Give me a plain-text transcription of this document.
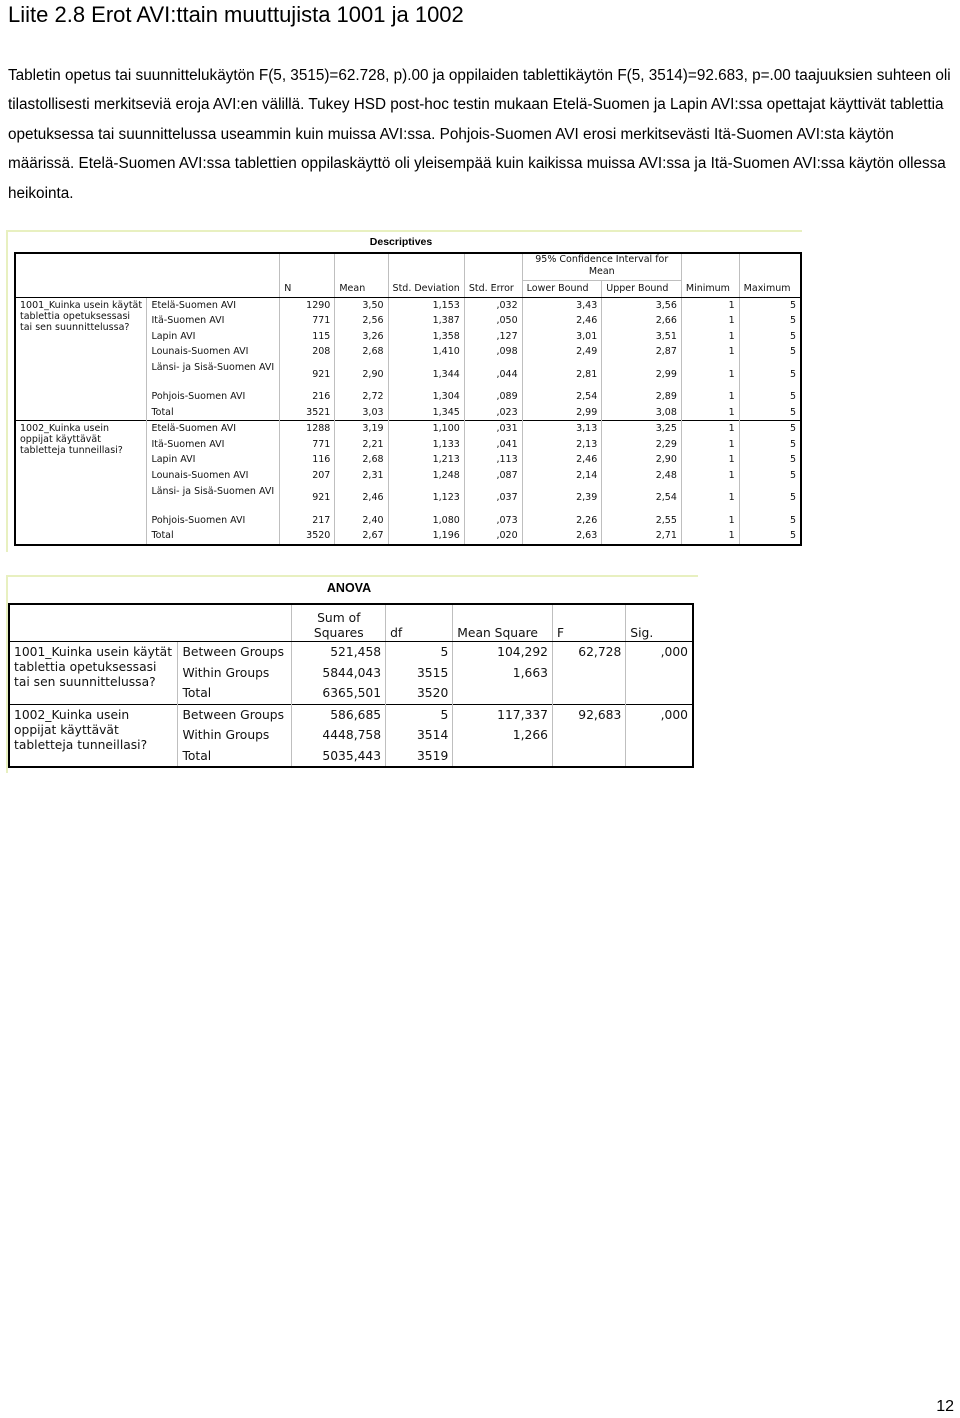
Liite 2.8 Erot AVI:ttain muuttujista 1001 ja 1002

Tabletin opetus tai suunnittelukäytön F(5, 3515)=62.728, p).00 ja oppilaiden tablettikäytön F(5, 3514)=92.683, p=.00 taajuuksien suhteen oli tilastollisesti merkitseviä eroja AVI:en välillä. Tukey HSD post-hoc testin mukaan Etelä-Suomen ja Lapin AVI:ssa opettajat käyttivät tablettia opetuksessa tai suunnittelussa useammin kuin muissa AVI:ssa. Pohjois-Suomen AVI erosi merkitsevästi Itä-Suomen AVI:sta käytön määrissä. Etelä-Suomen AVI:ssa tablettien oppilaskäyttö oli yleisempää kuin kaikissa muissa AVI:ssa ja Itä-Suomen AVI:ssa käytön ollessa heikointa.

Descriptives
						95% Confidence Interval for Mean			
		N	Mean	Std. Deviation	Std. Error	Lower Bound	Upper Bound	Minimum	Maximum
1001_Kuinka usein käytät tablettia opetuksessasi tai sen suunnittelussa?	Etelä-Suomen AVI	1290	3,50	1,153	,032	3,43	3,56	1	5
	Itä-Suomen AVI	771	2,56	1,387	,050	2,46	2,66	1	5
	Lapin AVI	115	3,26	1,358	,127	3,01	3,51	1	5
	Lounais-Suomen AVI	208	2,68	1,410	,098	2,49	2,87	1	5
	Länsi- ja Sisä-Suomen AVI	921	2,90	1,344	,044	2,81	2,99	1	5
	Pohjois-Suomen AVI	216	2,72	1,304	,089	2,54	2,89	1	5
	Total	3521	3,03	1,345	,023	2,99	3,08	1	5
1002_Kuinka usein oppijat käyttävät tabletteja tunneillasi?	Etelä-Suomen AVI	1288	3,19	1,100	,031	3,13	3,25	1	5
	Itä-Suomen AVI	771	2,21	1,133	,041	2,13	2,29	1	5
	Lapin AVI	116	2,68	1,213	,113	2,46	2,90	1	5
	Lounais-Suomen AVI	207	2,31	1,248	,087	2,14	2,48	1	5
	Länsi- ja Sisä-Suomen AVI	921	2,46	1,123	,037	2,39	2,54	1	5
	Pohjois-Suomen AVI	217	2,40	1,080	,073	2,26	2,55	1	5
	Total	3520	2,67	1,196	,020	2,63	2,71	1	5
ANOVA
		Sum of Squares	df	Mean Square	F	Sig.
1001_Kuinka usein käytät tablettia opetuksessasi tai sen suunnittelussa?	Between Groups	521,458	5	104,292	62,728	,000
	Within Groups	5844,043	3515	1,663		
	Total	6365,501	3520			
1002_Kuinka usein oppijat käyttävät tabletteja tunneillasi?	Between Groups	586,685	5	117,337	92,683	,000
	Within Groups	4448,758	3514	1,266		
	Total	5035,443	3519			
12
